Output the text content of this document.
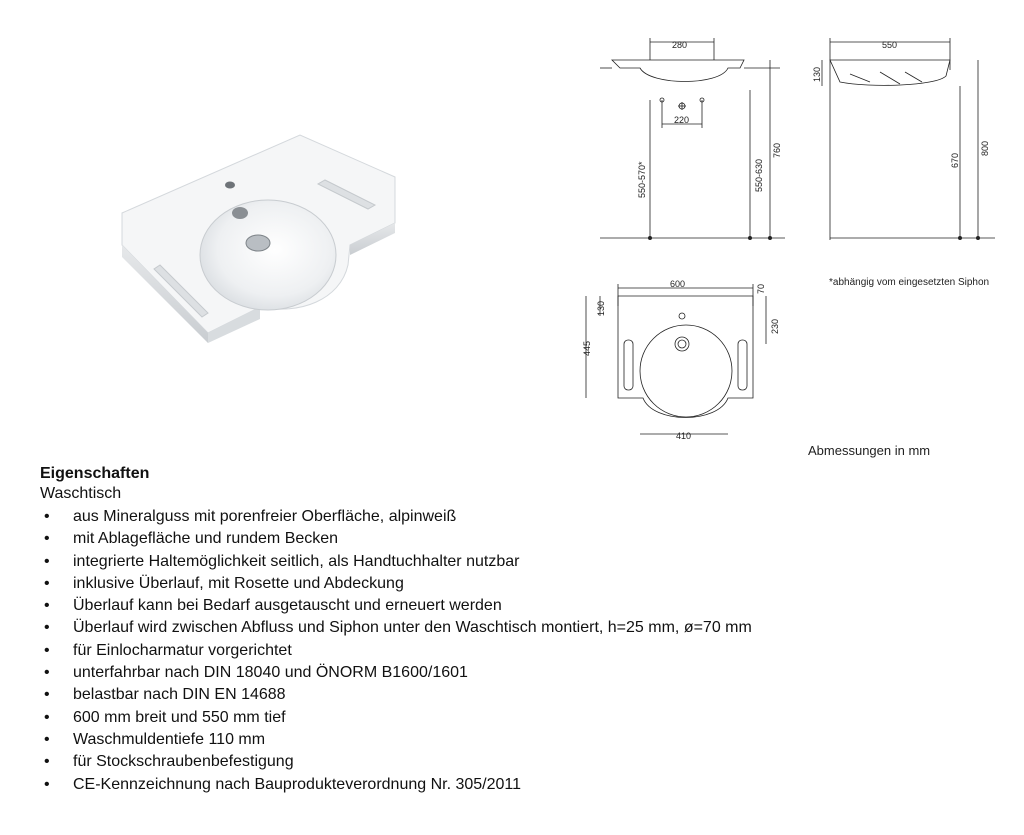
280
220
550-570*	550-630
760
550
130
670
800
*abhängig vom eingesetzten Siphon
600	70
130
445
230
410
Abmessungen in mm

Eigenschaften

Waschtisch

• aus Mineralguss mit porenfreier Oberfläche, alpinweiß
• mit Ablagefläche und rundem Becken
• integrierte Haltemöglichkeit seitlich, als Handtuchhalter nutzbar
• inklusive Überlauf, mit Rosette und Abdeckung
• Überlauf kann bei Bedarf ausgetauscht und erneuert werden
• Überlauf wird zwischen Abfluss und Siphon unter den Waschtisch montiert, h=25 mm, ø=70 mm
• für Einlocharmatur vorgerichtet
• unterfahrbar nach DIN 18040 und ÖNORM B1600/1601
• belastbar nach DIN EN 14688
• 600 mm breit und 550 mm tief
• Waschmuldentiefe 110 mm
• für Stockschraubenbefestigung
• CE-Kennzeichnung nach Bauprodukteverordnung Nr. 305/2011
